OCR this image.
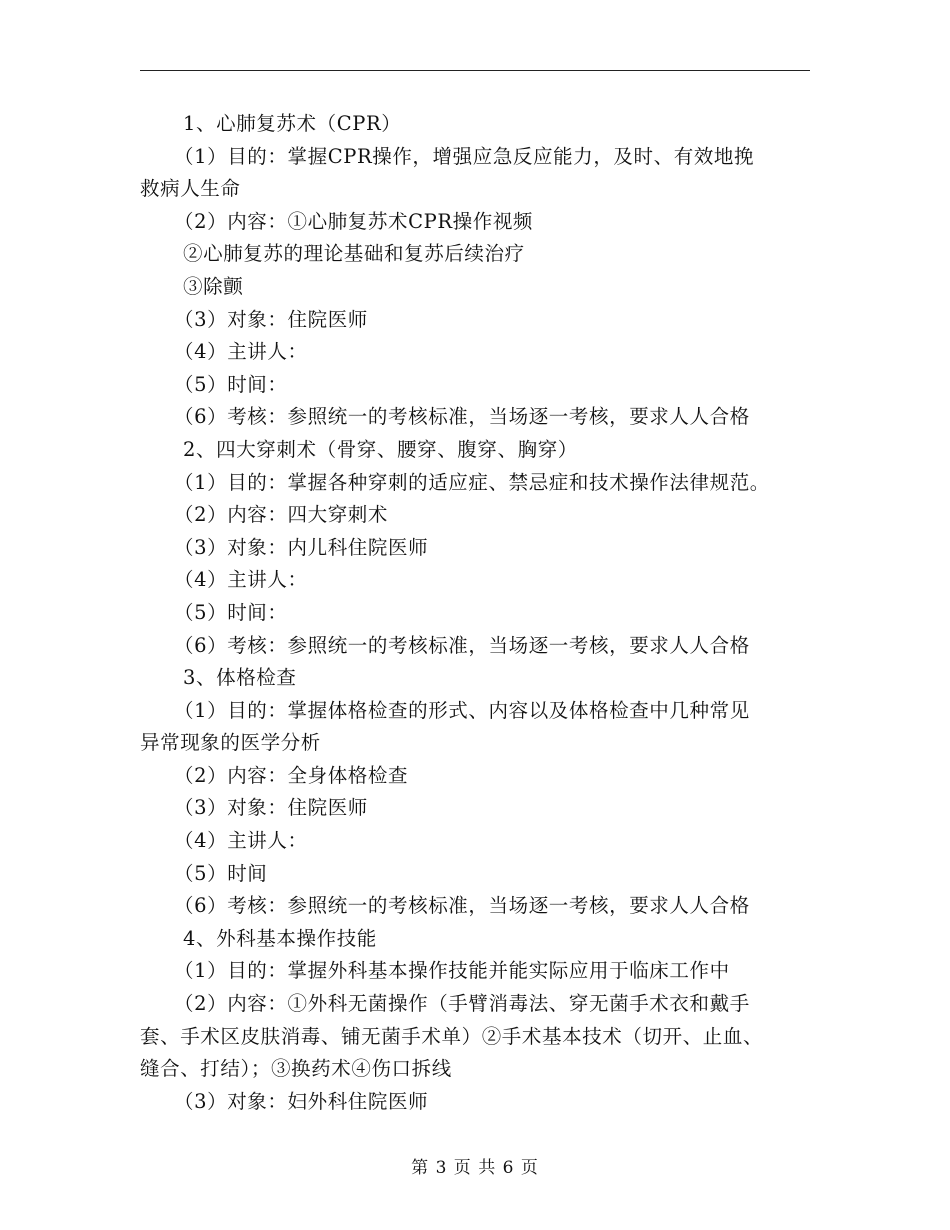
1、心肺复苏术（CPR）
（1）目的：掌握CPR操作，增强应急反应能力，及时、有效地挽
救病人生命
（2）内容：①心肺复苏术CPR操作视频
②心肺复苏的理论基础和复苏后续治疗
③除颤
（3）对象：住院医师
（4）主讲人：
（5）时间：
（6）考核：参照统一的考核标准，当场逐一考核，要求人人合格
2、四大穿刺术（骨穿、腰穿、腹穿、胸穿）
（1）目的：掌握各种穿刺的适应症、禁忌症和技术操作法律规范。
（2）内容：四大穿刺术
（3）对象：内儿科住院医师
（4）主讲人：
（5）时间：
（6）考核：参照统一的考核标准，当场逐一考核，要求人人合格
3、体格检查
（1）目的：掌握体格检查的形式、内容以及体格检查中几种常见
异常现象的医学分析
（2）内容：全身体格检查
（3）对象：住院医师
（4）主讲人：
（5）时间
（6）考核：参照统一的考核标准，当场逐一考核，要求人人合格
4、外科基本操作技能
（1）目的：掌握外科基本操作技能并能实际应用于临床工作中
（2）内容：①外科无菌操作（手臂消毒法、穿无菌手术衣和戴手
套、手术区皮肤消毒、铺无菌手术单）②手术基本技术（切开、止血、
缝合、打结）；③换药术④伤口拆线
（3）对象：妇外科住院医师
第 3 页 共 6 页
